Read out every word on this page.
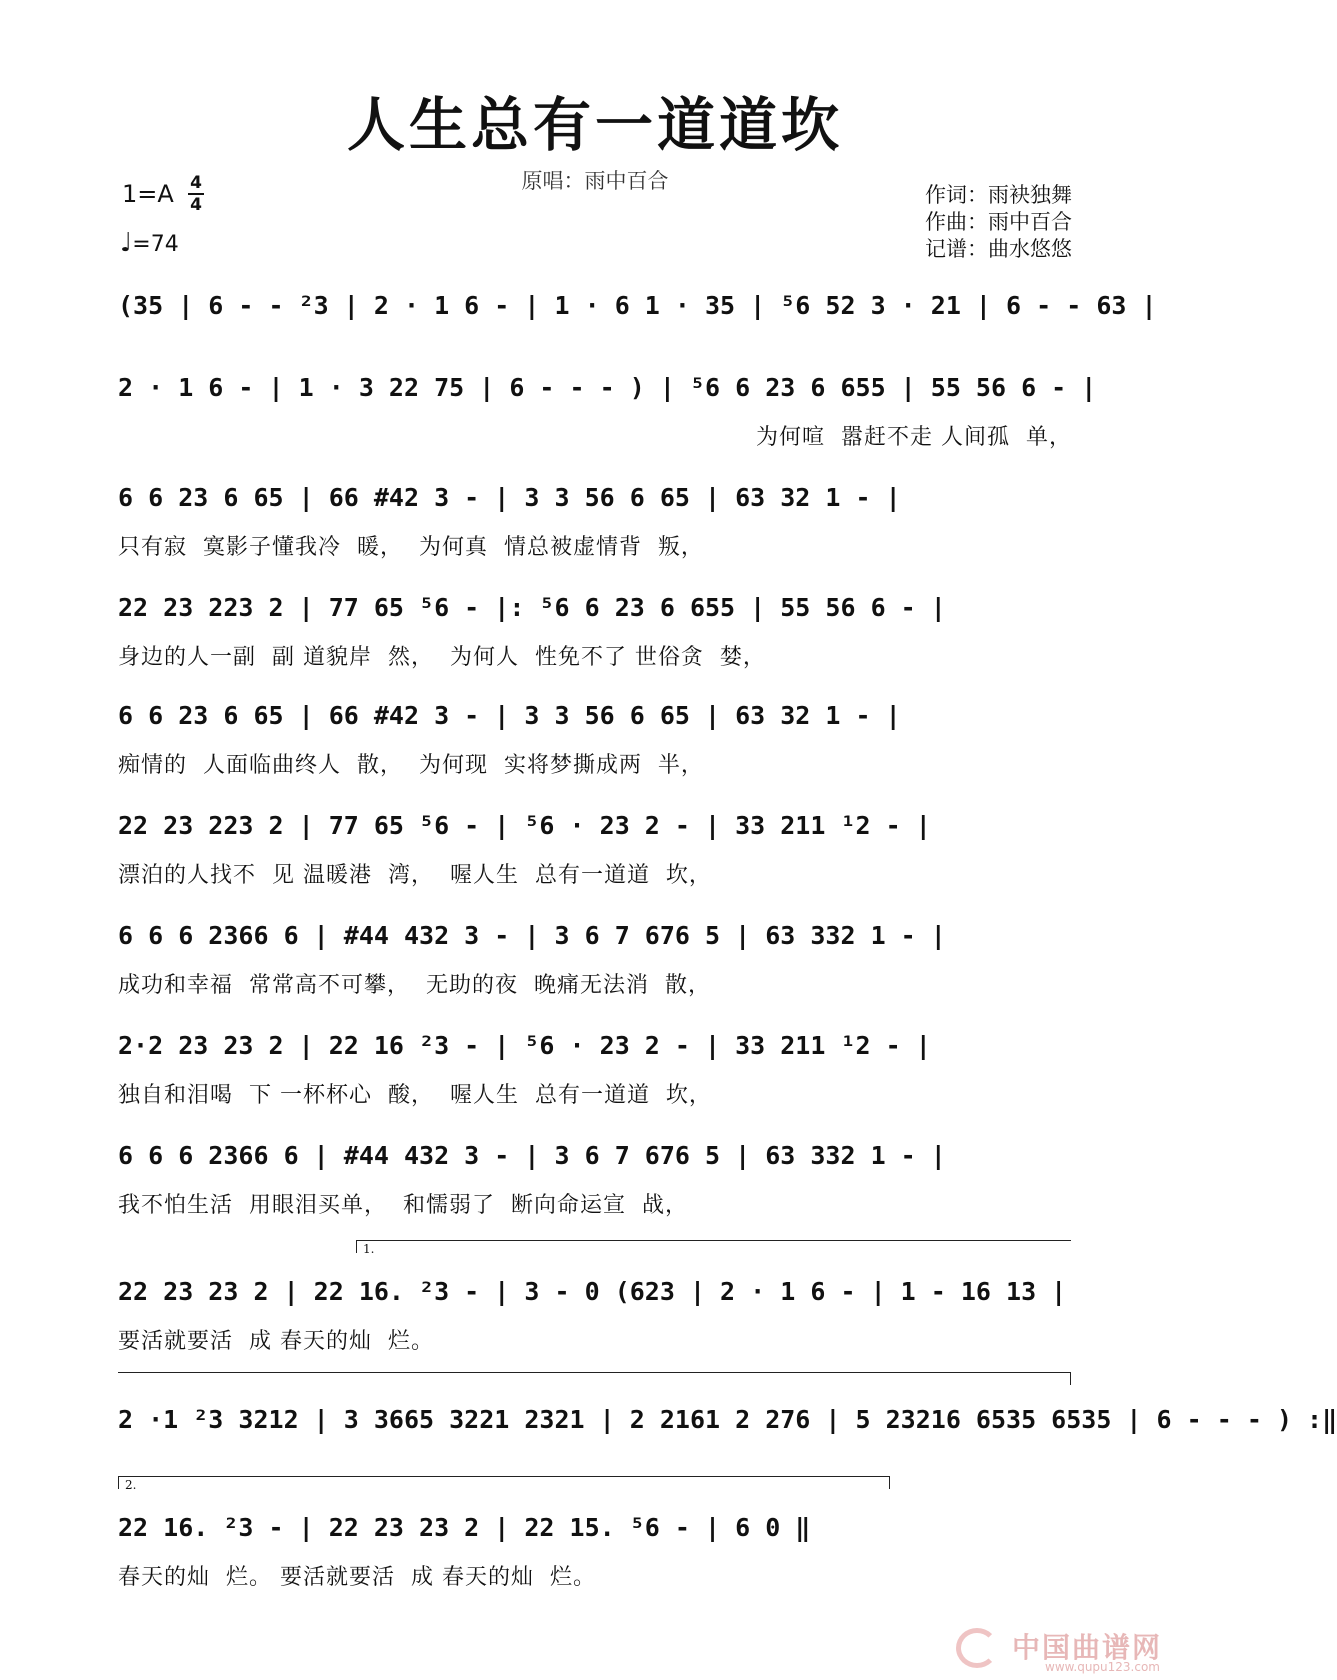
人生总有一道道坎
原唱：雨中百合
1=A 4
4
♩=74
作词：雨袂独舞
作曲：雨中百合
记谱：曲水悠悠
(35 | 6 - - ²3 | 2 · 1 6 - | 1 · 6 1 · 35 | ⁵6 52 3 · 21 | 6 - - 63 |
2 · 1 6 - | 1 · 3 22 75 | 6 - - - ) | ⁵6 6 23 6 655 | 55 56 6 - |
为何喧  嚣赶不走 人间孤  单，
6 6 23 6 65 | 66 #42 3 - | 3 3 56 6 65 | 63 32 1 - |
只有寂  寞影子懂我冷  暖，  为何真  情总被虚情背  叛，
22 23 223 2 | 77 65 ⁵6 - |: ⁵6 6 23 6 655 | 55 56 6 - |
身边的人一副  副 道貌岸  然，  为何人  性免不了 世俗贪  婪，
6 6 23 6 65 | 66 #42 3 - | 3 3 56 6 65 | 63 32 1 - |
痴情的  人面临曲终人  散，  为何现  实将梦撕成两  半，
22 23 223 2 | 77 65 ⁵6 - | ⁵6 · 23 2 - | 33 211 ¹2 - |
漂泊的人找不  见 温暖港  湾，  喔人生  总有一道道  坎，
6 6 6 2366 6 | #44 432 3 - | 3 6 7 676 5 | 63 332 1 - |
成功和幸福  常常高不可攀，  无助的夜  晚痛无法消  散，
2·2 23 23 2 | 22 16 ²3 - | ⁵6 · 23 2 - | 33 211 ¹2 - |
独自和泪喝  下 一杯杯心  酸，  喔人生  总有一道道  坎，
6 6 6 2366 6 | #44 432 3 - | 3 6 7 676 5 | 63 332 1 - |
我不怕生活  用眼泪买单，  和懦弱了  断向命运宣  战，
1.
22 23 23 2 | 22 16. ²3 - | 3 - 0 (623 | 2 · 1 6 - | 1 - 16 13 |
要活就要活  成 春天的灿  烂。
2 ·1 ²3 3212 | 3 3665 3221 2321 | 2 2161 2 276 | 5 23216 6535 6535 | 6 - - - ) :‖
2.
22 16. ²3 - | 22 23 23 2 | 22 15. ⁵6 - | 6 0 ‖
春天的灿  烂。 要活就要活  成 春天的灿  烂。
中国曲谱网
www.qupu123.com
